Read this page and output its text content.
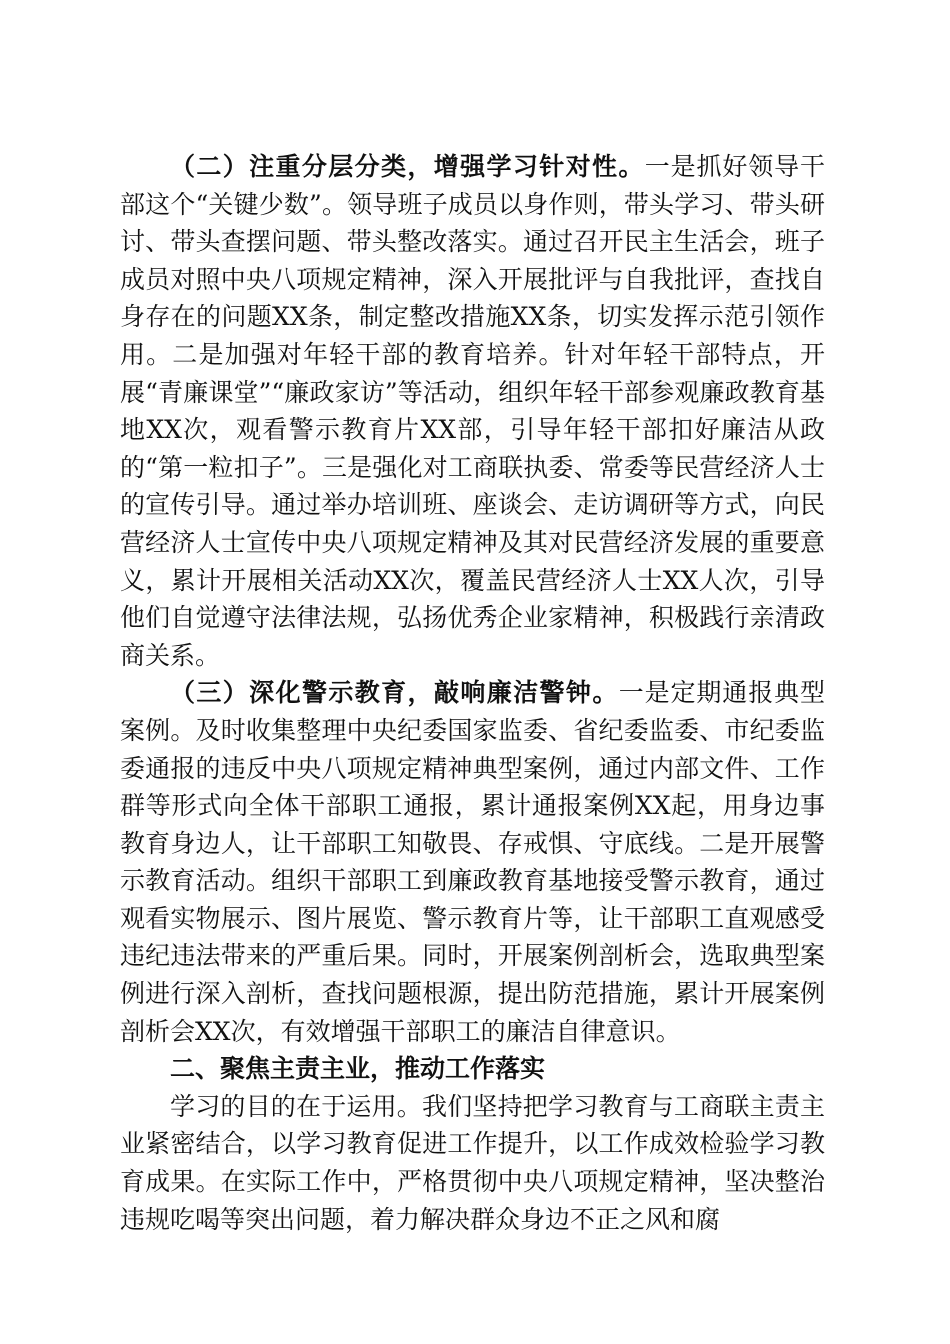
（二）注重分层分类，增强学习针对性。一是抓好领导干部这个“关键少数”。领导班子成员以身作则，带头学习、带头研讨、带头查摆问题、带头整改落实。通过召开民主生活会，班子成员对照中央八项规定精神，深入开展批评与自我批评，查找自身存在的问题XX条，制定整改措施XX条，切实发挥示范引领作用。二是加强对年轻干部的教育培养。针对年轻干部特点，开展“青廉课堂”“廉政家访”等活动，组织年轻干部参观廉政教育基地XX次，观看警示教育片XX部，引导年轻干部扣好廉洁从政的“第一粒扣子”。三是强化对工商联执委、常委等民营经济人士的宣传引导。通过举办培训班、座谈会、走访调研等方式，向民营经济人士宣传中央八项规定精神及其对民营经济发展的重要意义，累计开展相关活动XX次，覆盖民营经济人士XX人次，引导他们自觉遵守法律法规，弘扬优秀企业家精神，积极践行亲清政商关系。

（三）深化警示教育，敲响廉洁警钟。一是定期通报典型案例。及时收集整理中央纪委国家监委、省纪委监委、市纪委监委通报的违反中央八项规定精神典型案例，通过内部文件、工作群等形式向全体干部职工通报，累计通报案例XX起，用身边事教育身边人，让干部职工知敬畏、存戒惧、守底线。二是开展警示教育活动。组织干部职工到廉政教育基地接受警示教育，通过观看实物展示、图片展览、警示教育片等，让干部职工直观感受违纪违法带来的严重后果。同时，开展案例剖析会，选取典型案例进行深入剖析，查找问题根源，提出防范措施，累计开展案例剖析会XX次，有效增强干部职工的廉洁自律意识。

二、聚焦主责主业，推动工作落实

学习的目的在于运用。我们坚持把学习教育与工商联主责主业紧密结合，以学习教育促进工作提升，以工作成效检验学习教育成果。在实际工作中，严格贯彻中央八项规定精神，坚决整治违规吃喝等突出问题，着力解决群众身边不正之风和腐
